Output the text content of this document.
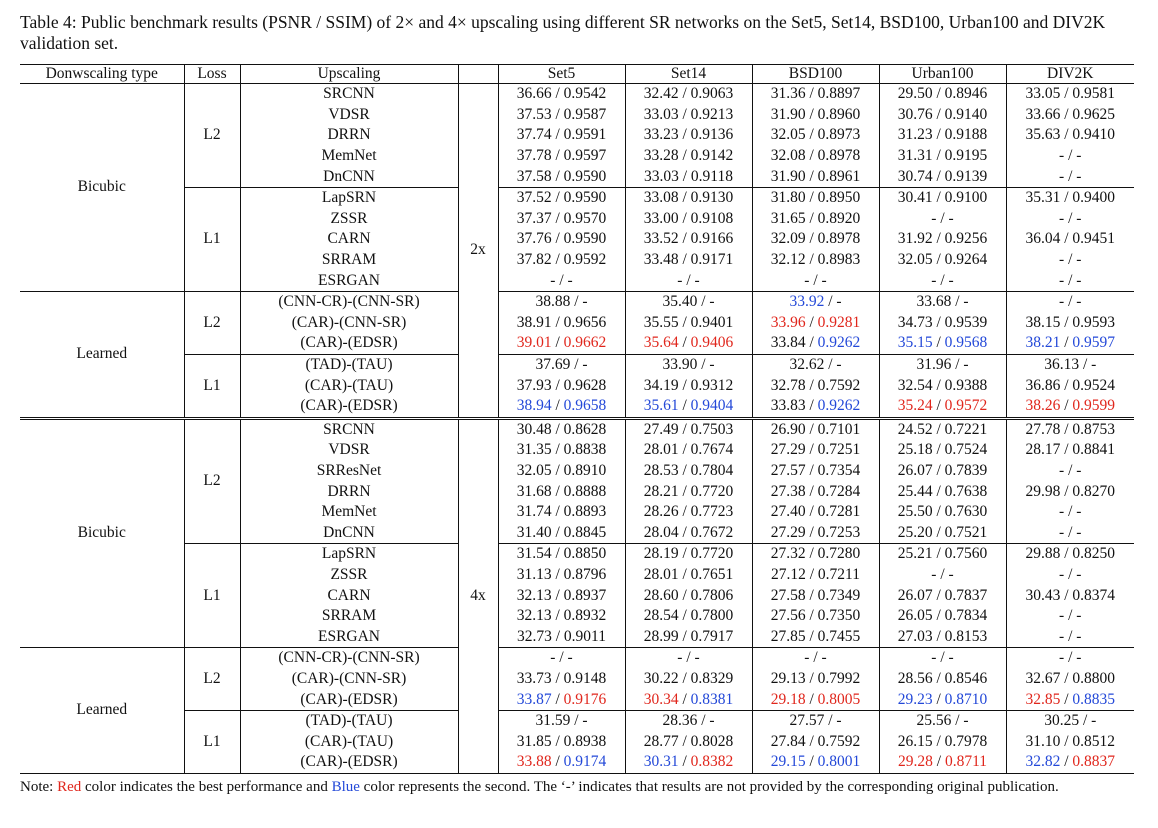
Table 4: Public benchmark results (PSNR / SSIM) of 2× and 4× upscaling using different SR networks on the Set5, Set14, BSD100, Urban100 and DIV2K validation set.
Donwscaling type	Loss	Upscaling		Set5	Set14	BSD100	Urban100	DIV2K
Bicubic	L2	SRCNN	2x	36.66 / 0.9542	32.42 / 0.9063	31.36 / 0.8897	29.50 / 0.8946	33.05 / 0.9581
		VDSR		37.53 / 0.9587	33.03 / 0.9213	31.90 / 0.8960	30.76 / 0.9140	33.66 / 0.9625
		DRRN		37.74 / 0.9591	33.23 / 0.9136	32.05 / 0.8973	31.23 / 0.9188	35.63 / 0.9410
		MemNet		37.78 / 0.9597	33.28 / 0.9142	32.08 / 0.8978	31.31 / 0.9195	- / -
		DnCNN		37.58 / 0.9590	33.03 / 0.9118	31.90 / 0.8961	30.74 / 0.9139	- / -
	L1	LapSRN		37.52 / 0.9590	33.08 / 0.9130	31.80 / 0.8950	30.41 / 0.9100	35.31 / 0.9400
		ZSSR		37.37 / 0.9570	33.00 / 0.9108	31.65 / 0.8920	- / -	- / -
		CARN		37.76 / 0.9590	33.52 / 0.9166	32.09 / 0.8978	31.92 / 0.9256	36.04 / 0.9451
		SRRAM		37.82 / 0.9592	33.48 / 0.9171	32.12 / 0.8983	32.05 / 0.9264	- / -
		ESRGAN		- / -	- / -	- / -	- / -	- / -
Learned	L2	(CNN-CR)-(CNN-SR)		38.88 / -	35.40 / -	33.92 / -	33.68 / -	- / -
		(CAR)-(CNN-SR)		38.91 / 0.9656	35.55 / 0.9401	33.96 / 0.9281	34.73 / 0.9539	38.15 / 0.9593
		(CAR)-(EDSR)		39.01 / 0.9662	35.64 / 0.9406	33.84 / 0.9262	35.15 / 0.9568	38.21 / 0.9597
	L1	(TAD)-(TAU)		37.69 / -	33.90 / -	32.62 / -	31.96 / -	36.13 / -
		(CAR)-(TAU)		37.93 / 0.9628	34.19 / 0.9312	32.78 / 0.7592	32.54 / 0.9388	36.86 / 0.9524
		(CAR)-(EDSR)		38.94 / 0.9658	35.61 / 0.9404	33.83 / 0.9262	35.24 / 0.9572	38.26 / 0.9599
Bicubic	L2	SRCNN	4x	30.48 / 0.8628	27.49 / 0.7503	26.90 / 0.7101	24.52 / 0.7221	27.78 / 0.8753
		VDSR		31.35 / 0.8838	28.01 / 0.7674	27.29 / 0.7251	25.18 / 0.7524	28.17 / 0.8841
		SRResNet		32.05 / 0.8910	28.53 / 0.7804	27.57 / 0.7354	26.07 / 0.7839	- / -
		DRRN		31.68 / 0.8888	28.21 / 0.7720	27.38 / 0.7284	25.44 / 0.7638	29.98 / 0.8270
		MemNet		31.74 / 0.8893	28.26 / 0.7723	27.40 / 0.7281	25.50 / 0.7630	- / -
		DnCNN		31.40 / 0.8845	28.04 / 0.7672	27.29 / 0.7253	25.20 / 0.7521	- / -
	L1	LapSRN		31.54 / 0.8850	28.19 / 0.7720	27.32 / 0.7280	25.21 / 0.7560	29.88 / 0.8250
		ZSSR		31.13 / 0.8796	28.01 / 0.7651	27.12 / 0.7211	- / -	- / -
		CARN		32.13 / 0.8937	28.60 / 0.7806	27.58 / 0.7349	26.07 / 0.7837	30.43 / 0.8374
		SRRAM		32.13 / 0.8932	28.54 / 0.7800	27.56 / 0.7350	26.05 / 0.7834	- / -
		ESRGAN		32.73 / 0.9011	28.99 / 0.7917	27.85 / 0.7455	27.03 / 0.8153	- / -
Learned	L2	(CNN-CR)-(CNN-SR)		- / -	- / -	- / -	- / -	- / -
		(CAR)-(CNN-SR)		33.73 / 0.9148	30.22 / 0.8329	29.13 / 0.7992	28.56 / 0.8546	32.67 / 0.8800
		(CAR)-(EDSR)		33.87 / 0.9176	30.34 / 0.8381	29.18 / 0.8005	29.23 / 0.8710	32.85 / 0.8835
	L1	(TAD)-(TAU)		31.59 / -	28.36 / -	27.57 / -	25.56 / -	30.25 / -
		(CAR)-(TAU)		31.85 / 0.8938	28.77 / 0.8028	27.84 / 0.7592	26.15 / 0.7978	31.10 / 0.8512
		(CAR)-(EDSR)		33.88 / 0.9174	30.31 / 0.8382	29.15 / 0.8001	29.28 / 0.8711	32.82 / 0.8837
Note: Red color indicates the best performance and Blue color represents the second. The ‘-’ indicates that results are not provided by the corresponding original publication.
